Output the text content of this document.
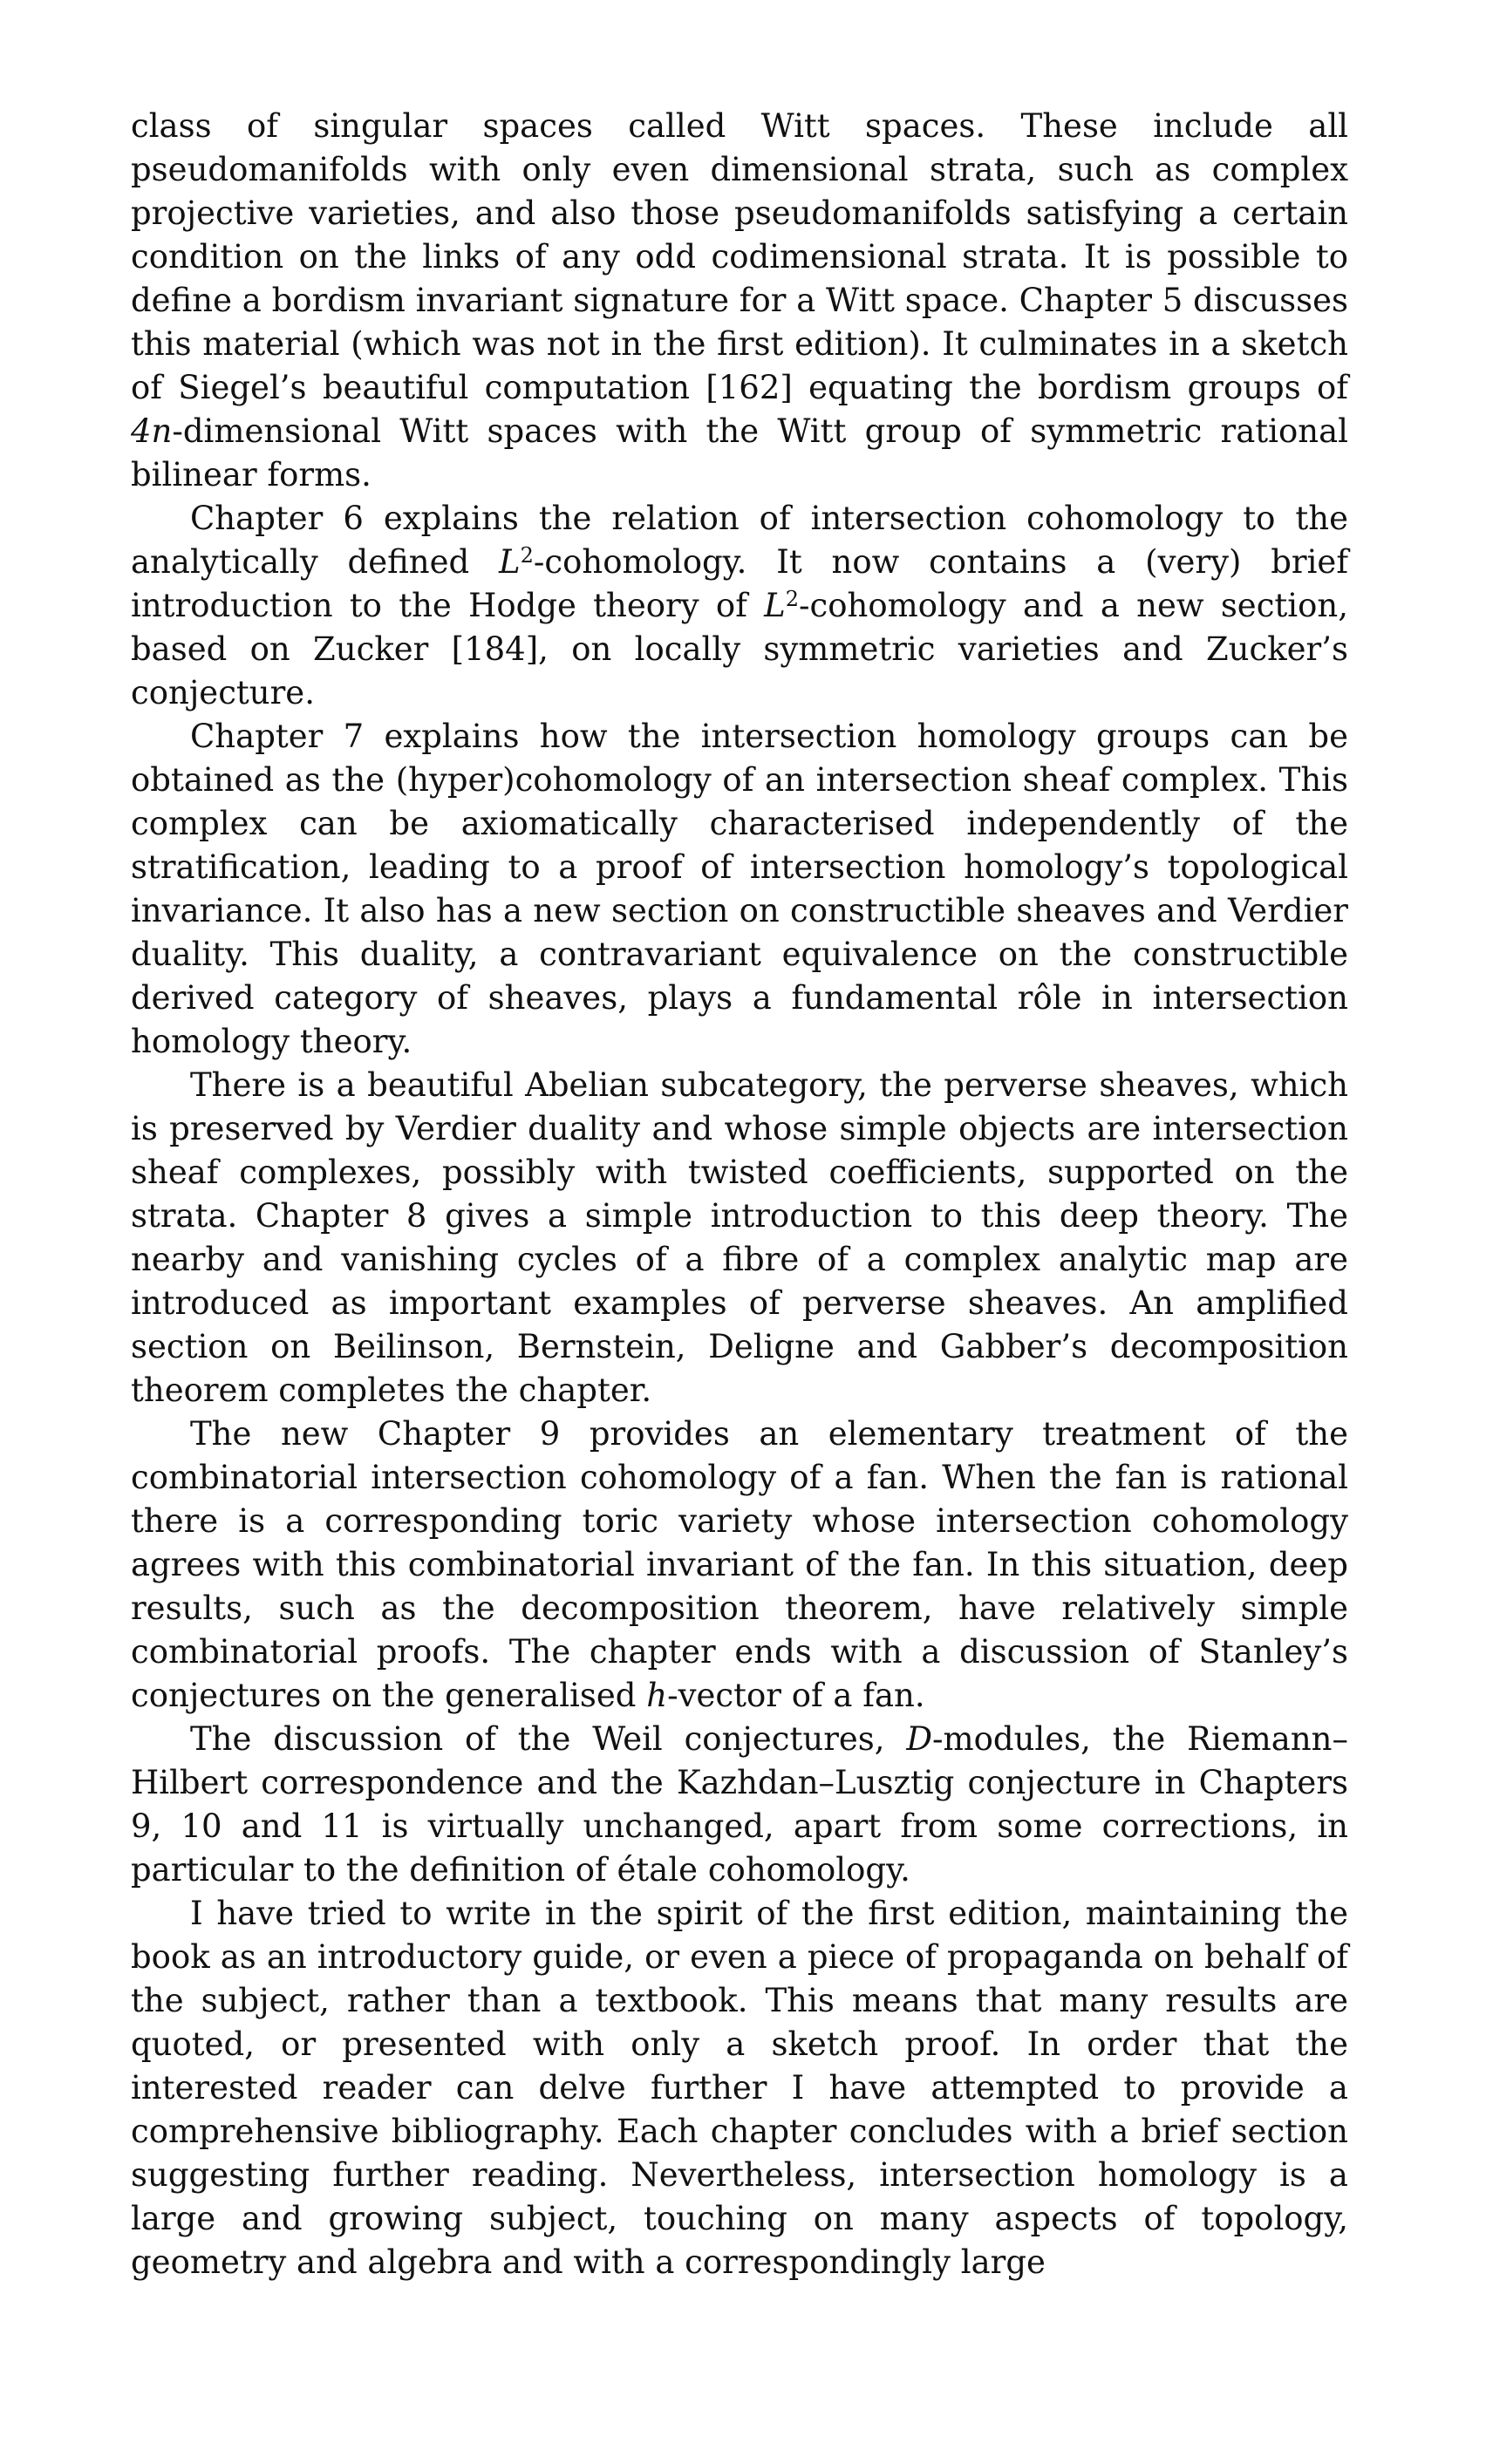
class of singular spaces called Witt spaces. These include all pseudomanifolds with only even dimensional strata, such as complex projective varieties, and also those pseudomanifolds satisfying a certain condition on the links of any odd codimensional strata. It is possible to define a bordism invariant signature for a Witt space. Chapter 5 discusses this material (which was not in the first edition). It culminates in a sketch of Siegel’s beautiful computation [162] equating the bordism groups of 4n-dimensional Witt spaces with the Witt group of symmetric rational bilinear forms.

Chapter 6 explains the relation of intersection cohomology to the analytically defined $L^2$-cohomology. It now contains a (very) brief introduction to the Hodge theory of $L^2$-cohomology and a new section, based on Zucker [184], on locally symmetric varieties and Zucker’s conjecture.

Chapter 7 explains how the intersection homology groups can be obtained as the (hyper)cohomology of an intersection sheaf complex. This complex can be axiomatically characterised independently of the stratification, leading to a proof of intersection homology’s topological invariance. It also has a new section on constructible sheaves and Verdier duality. This duality, a contravariant equivalence on the constructible derived category of sheaves, plays a fundamental rôle in intersection homology theory.

There is a beautiful Abelian subcategory, the perverse sheaves, which is preserved by Verdier duality and whose simple objects are intersection sheaf complexes, possibly with twisted coefficients, supported on the strata. Chapter 8 gives a simple introduction to this deep theory. The nearby and vanishing cycles of a fibre of a complex analytic map are introduced as important examples of perverse sheaves. An amplified section on Beilinson, Bernstein, Deligne and Gabber’s decomposition theorem completes the chapter.

The new Chapter 9 provides an elementary treatment of the combinatorial intersection cohomology of a fan. When the fan is rational there is a corresponding toric variety whose intersection cohomology agrees with this combinatorial invariant of the fan. In this situation, deep results, such as the decomposition theorem, have relatively simple combinatorial proofs. The chapter ends with a discussion of Stanley’s conjectures on the generalised h-vector of a fan.

The discussion of the Weil conjectures, D-modules, the Riemann–Hilbert correspondence and the Kazhdan–Lusztig conjecture in Chapters 9, 10 and 11 is virtually unchanged, apart from some corrections, in particular to the definition of étale cohomology.

I have tried to write in the spirit of the first edition, maintaining the book as an introductory guide, or even a piece of propaganda on behalf of the subject, rather than a textbook. This means that many results are quoted, or presented with only a sketch proof. In order that the interested reader can delve further I have attempted to provide a comprehensive bibliography. Each chapter concludes with a brief section suggesting further reading. Nevertheless, intersection homology is a large and growing subject, touching on many aspects of topology, geometry and algebra and with a correspondingly large
